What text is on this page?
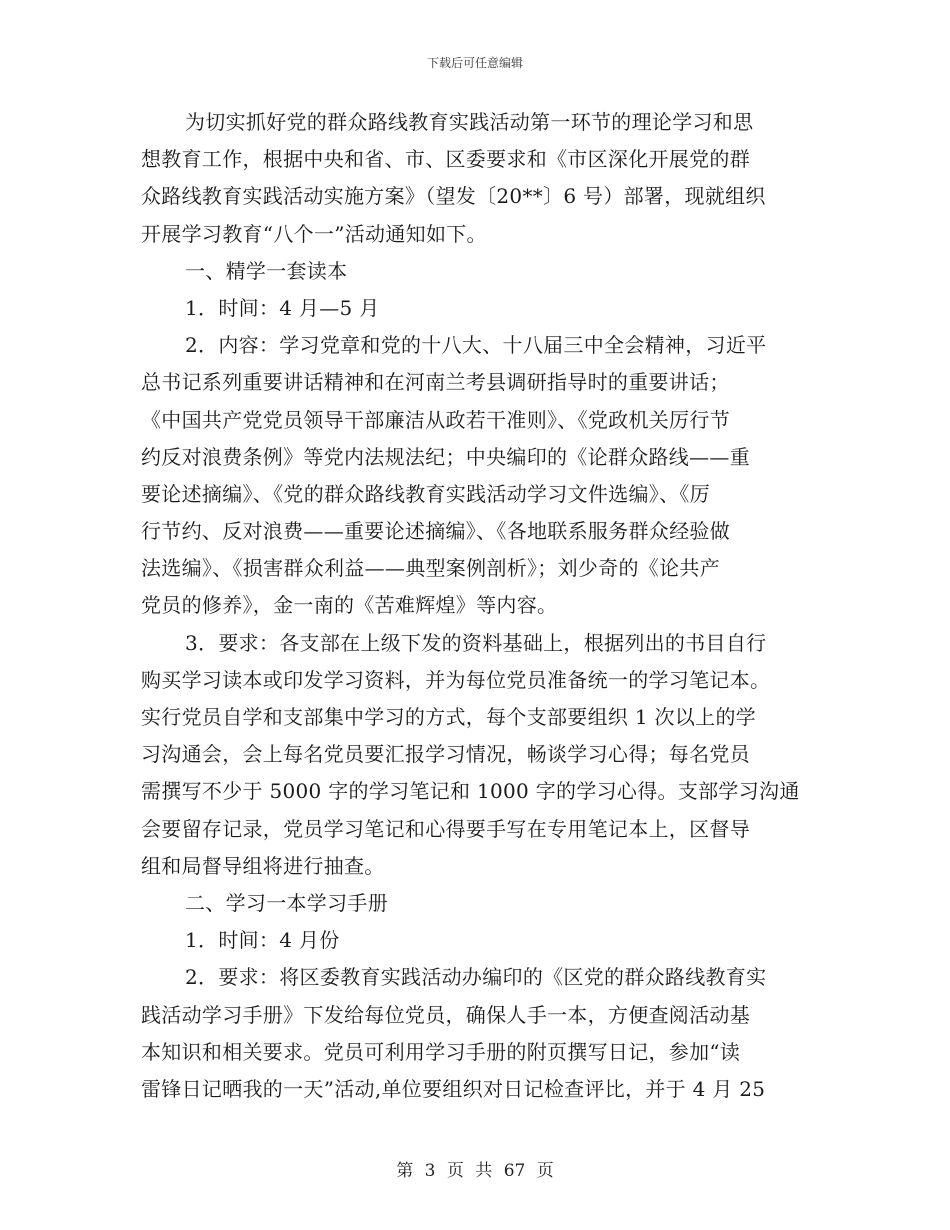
下载后可任意编辑
为切实抓好党的群众路线教育实践活动第一环节的理论学习和思
想教育工作，根据中央和省、市、区委要求和《市区深化开展党的群
众路线教育实践活动实施方案》（望发〔20**〕6 号）部署，现就组织
开展学习教育“八个一”活动通知如下。
一、精学一套读本
1．时间：4 月—5 月
2．内容：学习党章和党的十八大、十八届三中全会精神，习近平
总书记系列重要讲话精神和在河南兰考县调研指导时的重要讲话；
《中国共产党党员领导干部廉洁从政若干准则》、《党政机关厉行节
约反对浪费条例》等党内法规法纪；中央编印的《论群众路线——重
要论述摘编》、《党的群众路线教育实践活动学习文件选编》、《厉
行节约、反对浪费——重要论述摘编》、《各地联系服务群众经验做
法选编》、《损害群众利益——典型案例剖析》；刘少奇的《论共产
党员的修养》，金一南的《苦难辉煌》等内容。
3．要求：各支部在上级下发的资料基础上，根据列出的书目自行
购买学习读本或印发学习资料，并为每位党员准备统一的学习笔记本。
实行党员自学和支部集中学习的方式，每个支部要组织 1 次以上的学
习沟通会，会上每名党员要汇报学习情况，畅谈学习心得；每名党员
需撰写不少于 5000 字的学习笔记和 1000 字的学习心得。支部学习沟通
会要留存记录，党员学习笔记和心得要手写在专用笔记本上，区督导
组和局督导组将进行抽查。
二、学习一本学习手册
1．时间：4 月份
2．要求：将区委教育实践活动办编印的《区党的群众路线教育实
践活动学习手册》下发给每位党员，确保人手一本，方便查阅活动基
本知识和相关要求。党员可利用学习手册的附页撰写日记，参加“读
雷锋日记晒我的一天”活动,单位要组织对日记检查评比，并于 4 月 25
第 3 页 共 67 页
